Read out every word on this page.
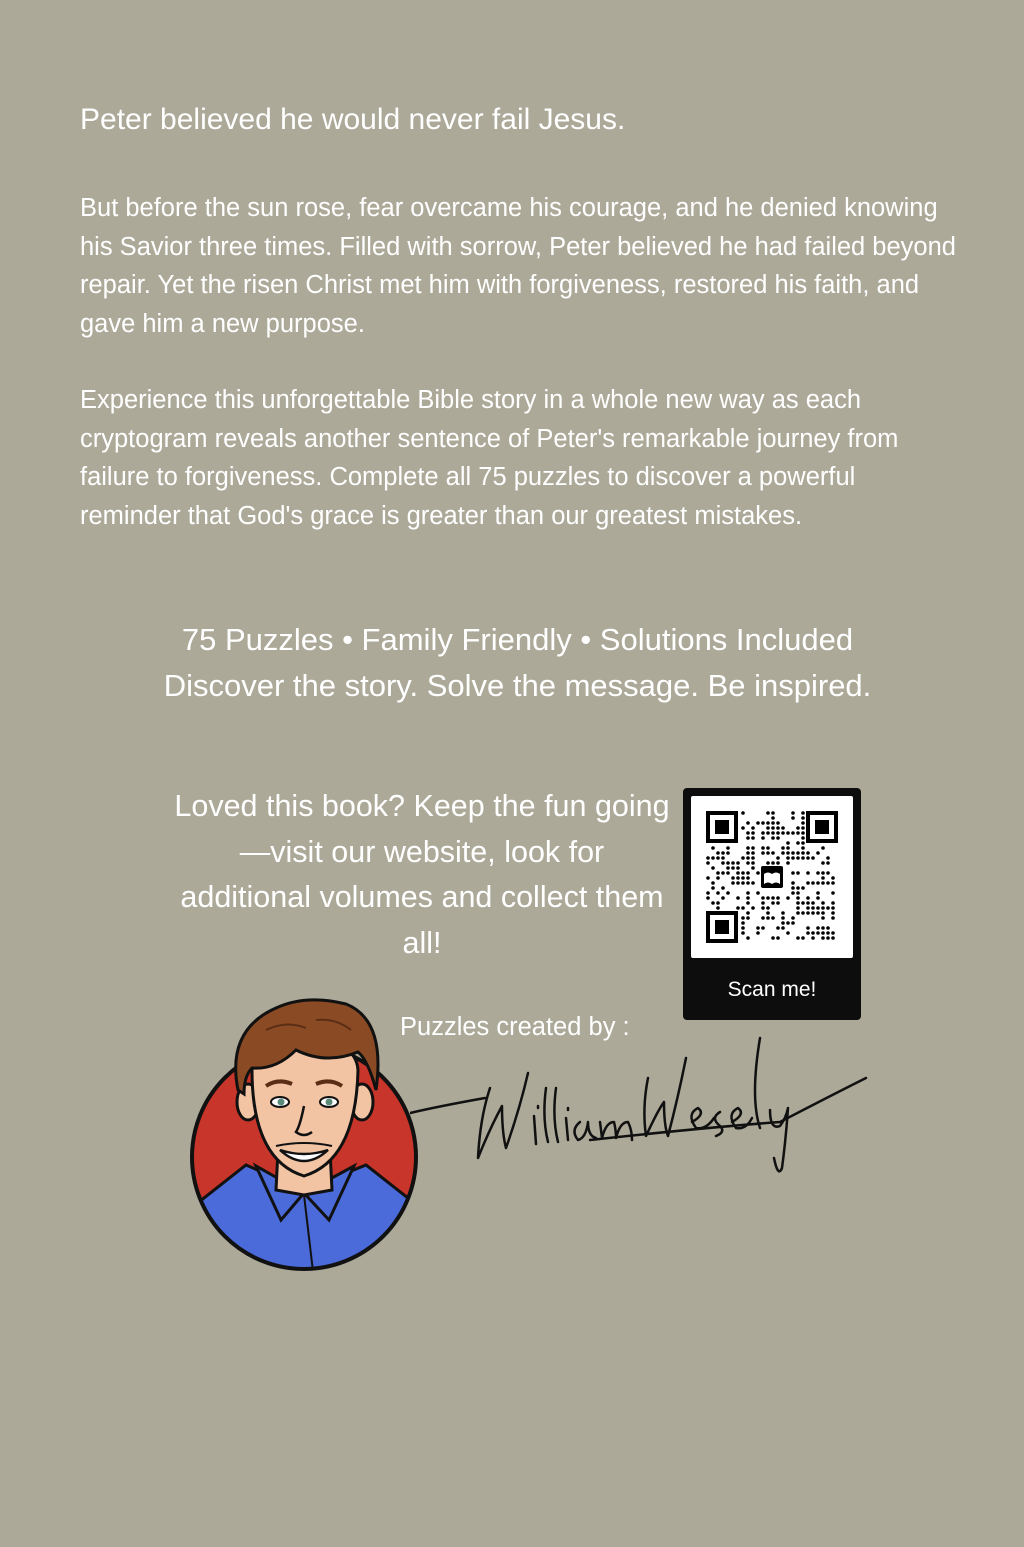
Peter believed he would never fail Jesus.

But before the sun rose, fear overcame his courage, and he denied knowing his Savior three times. Filled with sorrow, Peter believed he had failed beyond repair. Yet the risen Christ met him with forgiveness, restored his faith, and gave him a new purpose.

Experience this unforgettable Bible story in a whole new way as each cryptogram reveals another sentence of Peter's remarkable journey from failure to forgiveness. Complete all 75 puzzles to discover a powerful reminder that God's grace is greater than our greatest mistakes.

75 Puzzles • Family Friendly • Solutions Included

Discover the story. Solve the message. Be inspired.

Loved this book? Keep the fun going—visit our website, look for additional volumes and collect them all!

Scan me!

Puzzles created by :
